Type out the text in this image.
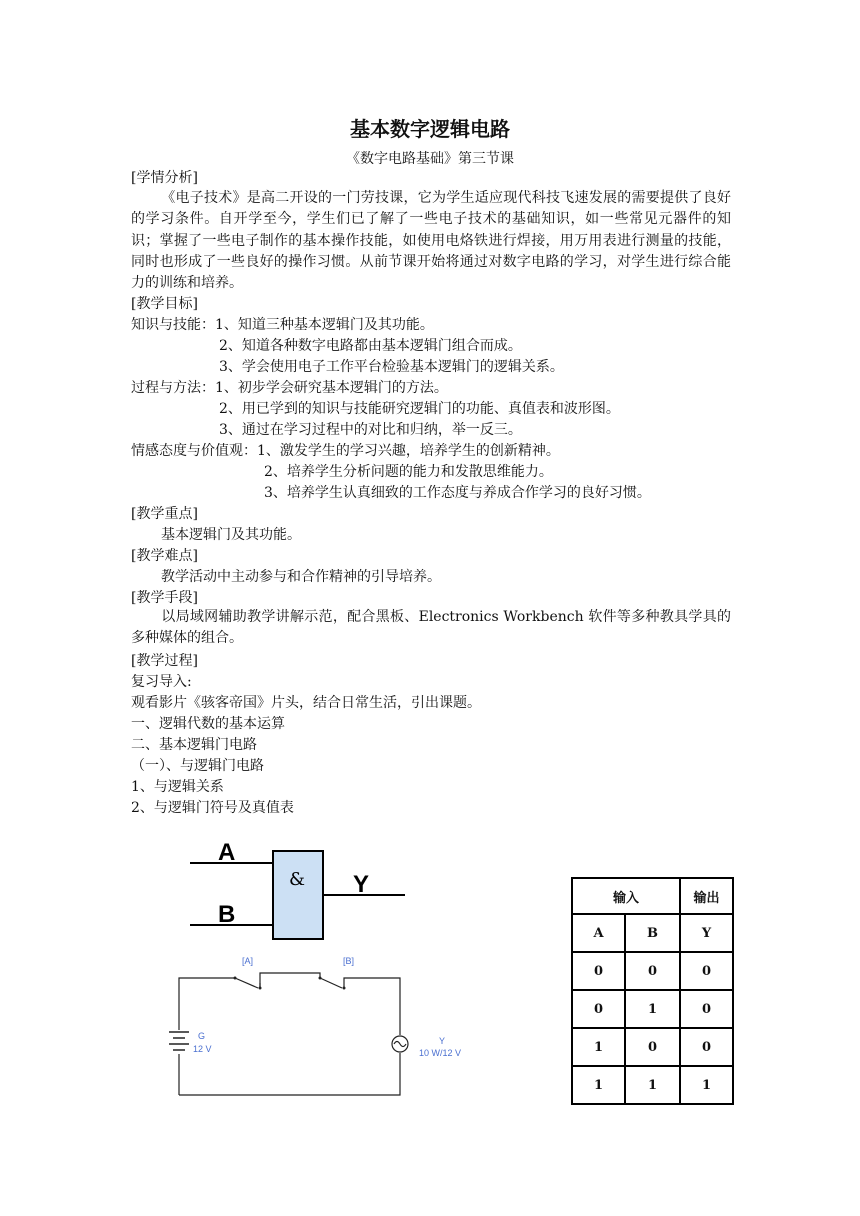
基本数字逻辑电路
《数字电路基础》第三节课
[学情分析]
《电子技术》是高二开设的一门劳技课，它为学生适应现代科技飞速发展的需要提供了良好的学习条件。自开学至今，学生们已了解了一些电子技术的基础知识，如一些常见元器件的知识；掌握了一些电子制作的基本操作技能，如使用电烙铁进行焊接，用万用表进行测量的技能，同时也形成了一些良好的操作习惯。从前节课开始将通过对数字电路的学习，对学生进行综合能力的训练和培养。
[教学目标]
知识与技能：1、知道三种基本逻辑门及其功能。
2、知道各种数字电路都由基本逻辑门组合而成。
3、学会使用电子工作平台检验基本逻辑门的逻辑关系。
过程与方法：1、初步学会研究基本逻辑门的方法。
2、用已学到的知识与技能研究逻辑门的功能、真值表和波形图。
3、通过在学习过程中的对比和归纳，举一反三。
情感态度与价值观：1、激发学生的学习兴趣，培养学生的创新精神。
2、培养学生分析问题的能力和发散思维能力。
3、培养学生认真细致的工作态度与养成合作学习的良好习惯。
[教学重点]
基本逻辑门及其功能。
[教学难点]
教学活动中主动参与和合作精神的引导培养。
[教学手段]
以局域网辅助教学讲解示范，配合黑板、Electronics Workbench 软件等多种教具学具的多种媒体的组合。
[教学过程]
复习导入:
观看影片《骇客帝国》片头，结合日常生活，引出课题。
一、逻辑代数的基本运算
二、基本逻辑门电路
（一）、与逻辑门电路
1、与逻辑关系
2、与逻辑门符号及真值表
A
B
& Y
[A]	[B]
G
12 V
Y
10 W/12 V
输入		输出
A	B	Y
0	0	0
0	1	0
1	0	0
1	1	1
